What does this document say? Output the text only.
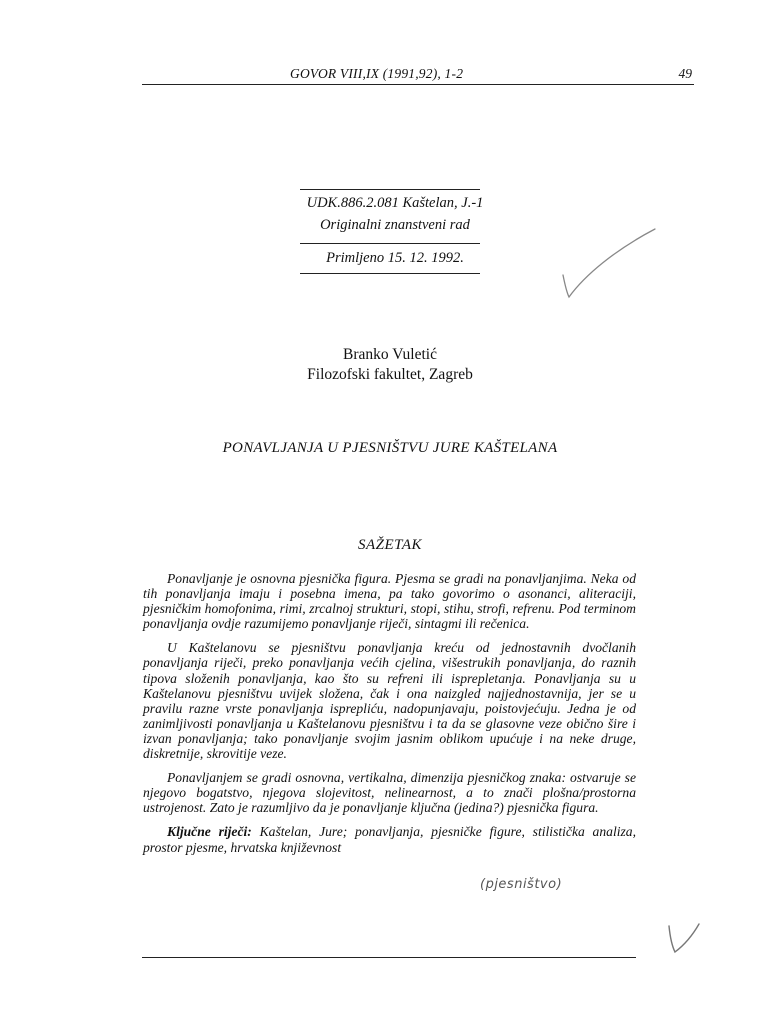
GOVOR VIII,IX (1991,92), 1-2	49
UDK.886.2.081 Kaštelan, J.-1
Originalni znanstveni rad
Primljeno 15. 12. 1992.
Branko Vuletić
Filozofski fakultet, Zagreb
PONAVLJANJA U PJESNIŠTVU JURE KAŠTELANA
SAŽETAK

Ponavljanje je osnovna pjesnička figura. Pjesma se gradi na ponavljanjima. Neka od tih ponavljanja imaju i posebna imena, pa tako govorimo o asonanci, aliteraciji, pjesničkim homofonima, rimi, zrcalnoj strukturi, stopi, stihu, strofi, refrenu. Pod terminom ponavljanja ovdje razumijemo ponavljanje riječi, sintagmi ili rečenica.

U Kaštelanovu se pjesništvu ponavljanja kreću od jednostavnih dvočlanih ponavljanja riječi, preko ponavljanja većih cjelina, višestrukih ponavljanja, do raznih tipova složenih ponavljanja, kao što su refreni ili isprepletanja. Ponavljanja su u Kaštelanovu pjesništvu uvijek složena, čak i ona naizgled najjednostavnija, jer se u pravilu razne vrste ponavljanja isprepliću, nadopunjavaju, poistovjećuju. Jedna je od zanimljivosti ponavljanja u Kaštelanovu pjesništvu i ta da se glasovne veze obično šire i izvan ponavljanja; tako ponavljanje svojim jasnim oblikom upućuje i na neke druge, diskretnije, skrovitije veze.

Ponavljanjem se gradi osnovna, vertikalna, dimenzija pjesničkog znaka: ostvaruje se njegovo bogatstvo, njegova slojevitost, nelinearnost, a to znači plošna/prostorna ustrojenost. Zato je razumljivo da je ponavljanje ključna (jedina?) pjesnička figura.

Ključne riječi: Kaštelan, Jure; ponavljanja, pjesničke figure, stilistička analiza, prostor pjesme, hrvatska književnost

(pjesništvo)
